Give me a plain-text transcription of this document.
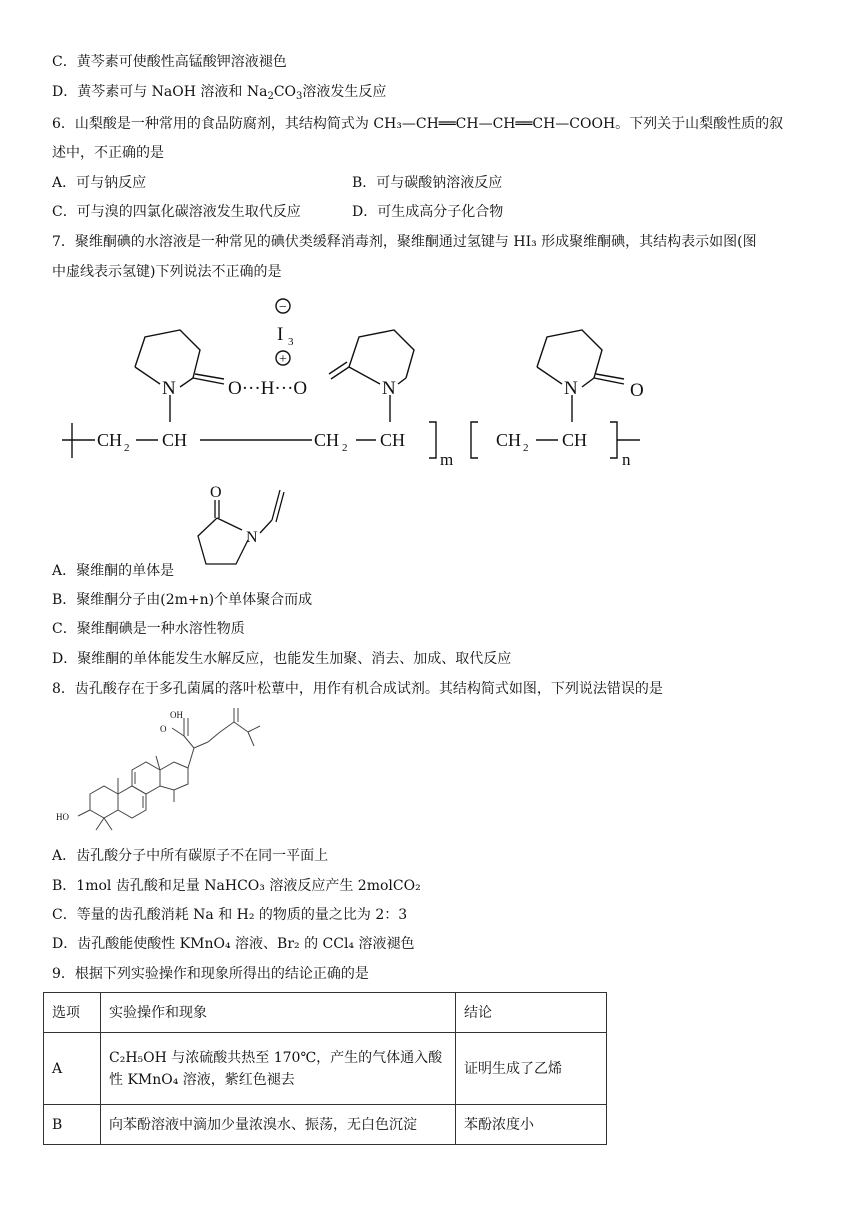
C．黄芩素可使酸性高锰酸钾溶液褪色
D．黄芩素可与 NaOH 溶液和 $Na_2CO_3$溶液发生反应
6．山梨酸是一种常用的食品防腐剂，其结构简式为 CH₃—CH══CH—CH══CH—COOH。下列关于山梨酸性质的叙
述中，不正确的是
A．可与钠反应	B．可与碳酸钠溶液反应
C．可与溴的四氯化碳溶液发生取代反应	D．可生成高分子化合物
7．聚维酮碘的水溶液是一种常见的碘伏类缓释消毒剂，聚维酮通过氢键与 HI₃ 形成聚维酮碘，其结构表示如图(图
中虚线表示氢键)下列说法不正确的是
−
+
I 3
N	O···H···O	N	N	O
CH 2 CH	CH 2 CH
m
CH 2 CH
n
O
N
A．聚维酮的单体是
B．聚维酮分子由(2m+n)个单体聚合而成
C．聚维酮碘是一种水溶性物质
D．聚维酮的单体能发生水解反应，也能发生加聚、消去、加成、取代反应
8．齿孔酸存在于多孔菌属的落叶松蕈中，用作有机合成试剂。其结构简式如图，下列说法错误的是
OH
O
HO
A．齿孔酸分子中所有碳原子不在同一平面上
B．1mol 齿孔酸和足量 NaHCO₃ 溶液反应产生 2molCO₂
C．等量的齿孔酸消耗 Na 和 H₂ 的物质的量之比为 2：3
D．齿孔酸能使酸性 KMnO₄ 溶液、Br₂ 的 CCl₄ 溶液褪色
9．根据下列实验操作和现象所得出的结论正确的是
选项	实验操作和现象	结论
A	C₂H₅OH 与浓硫酸共热至 170℃，产生的气体通入酸
性 KMnO₄ 溶液，紫红色褪去	证明生成了乙烯
B	向苯酚溶液中滴加少量浓溴水、振荡，无白色沉淀	苯酚浓度小
